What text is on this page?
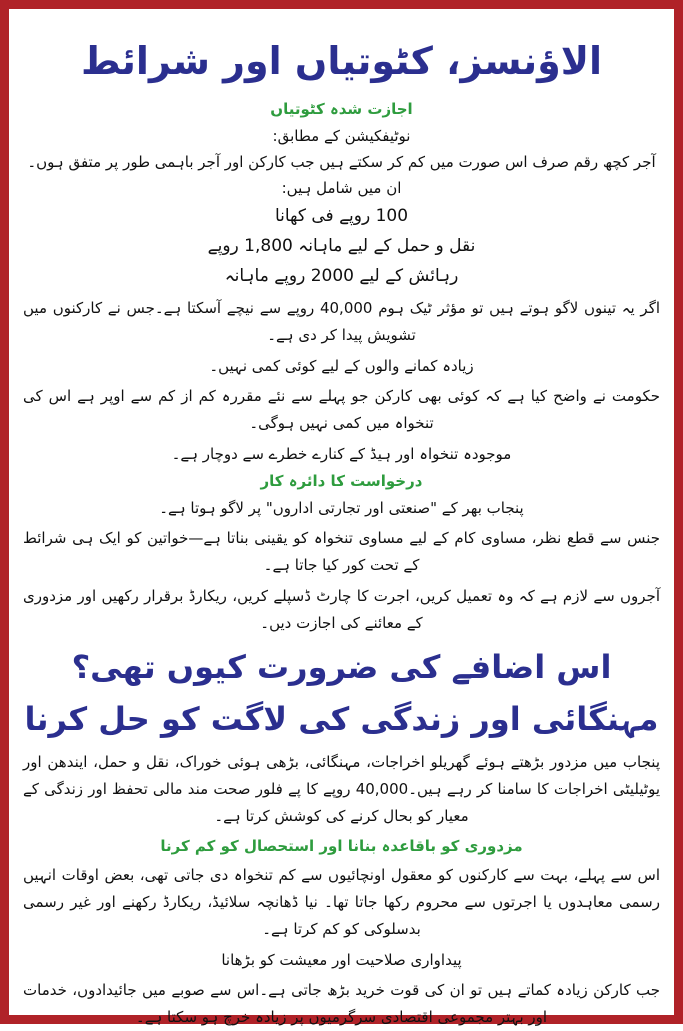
الاؤنسز، کٹوتیاں اور شرائط
اجازت شدہ کٹوتیاں
نوٹیفکیشن کے مطابق:
آجر کچھ رقم صرف اس صورت میں کم کر سکتے ہیں جب کارکن اور آجر باہمی طور پر متفق ہوں۔ان میں شامل ہیں:
100 روپے فی کھانا
نقل و حمل کے لیے ماہانہ 1,800 روپے
رہائش کے لیے 2000 روپے ماہانہ
اگر یہ تینوں لاگو ہوتے ہیں تو مؤثر ٹیک ہوم 40,000 روپے سے نیچے آسکتا ہے۔جس نے کارکنوں میں تشویش پیدا کر دی ہے۔
زیادہ کمانے والوں کے لیے کوئی کمی نہیں۔
حکومت نے واضح کیا ہے کہ کوئی بھی کارکن جو پہلے سے نئے مقررہ کم از کم سے اوپر ہے اس کی تنخواہ میں کمی نہیں ہوگی۔
موجودہ تنخواہ اور ہیڈ کے کنارے خطرے سے دوچار ہے۔
درخواست کا دائرہ کار
پنجاب بھر کے "صنعتی اور تجارتی اداروں" پر لاگو ہوتا ہے۔
جنس سے قطع نظر، مساوی کام کے لیے مساوی تنخواہ کو یقینی بناتا ہے—خواتین کو ایک ہی شرائط کے تحت کور کیا جاتا ہے۔
آجروں سے لازم ہے کہ وہ تعمیل کریں، اجرت کا چارٹ ڈسپلے کریں، ریکارڈ برقرار رکھیں اور مزدوری کے معائنے کی اجازت دیں۔
اس اضافے کی ضرورت کیوں تھی؟ مہنگائی اور زندگی کی لاگت کو حل کرنا
پنجاب میں مزدور بڑھتے ہوئے گھریلو اخراجات، مہنگائی، بڑھی ہوئی خوراک، نقل و حمل، ایندھن اور یوٹیلیٹی اخراجات کا سامنا کر رہے ہیں۔40,000 روپے کا پے فلور صحت مند مالی تحفظ اور زندگی کے معیار کو بحال کرنے کی کوشش کرتا ہے۔
مزدوری کو باقاعدہ بنانا اور استحصال کو کم کرنا
اس سے پہلے، بہت سے کارکنوں کو معقول اونچائیوں سے کم تنخواہ دی جاتی تھی، بعض اوقات انہیں رسمی معاہدوں یا اجرتوں سے محروم رکھا جاتا تھا۔ نیا ڈھانچہ سلائیڈ، ریکارڈ رکھنے اور غیر رسمی بدسلوکی کو کم کرتا ہے۔
پیداواری صلاحیت اور معیشت کو بڑھانا
جب کارکن زیادہ کماتے ہیں تو ان کی قوت خرید بڑھ جاتی ہے۔اس سے صوبے میں جائیدادوں، خدمات اور بہتر مجموعی اقتصادی سرگرمیوں پر زیادہ خرچ ہو سکتا ہے۔
